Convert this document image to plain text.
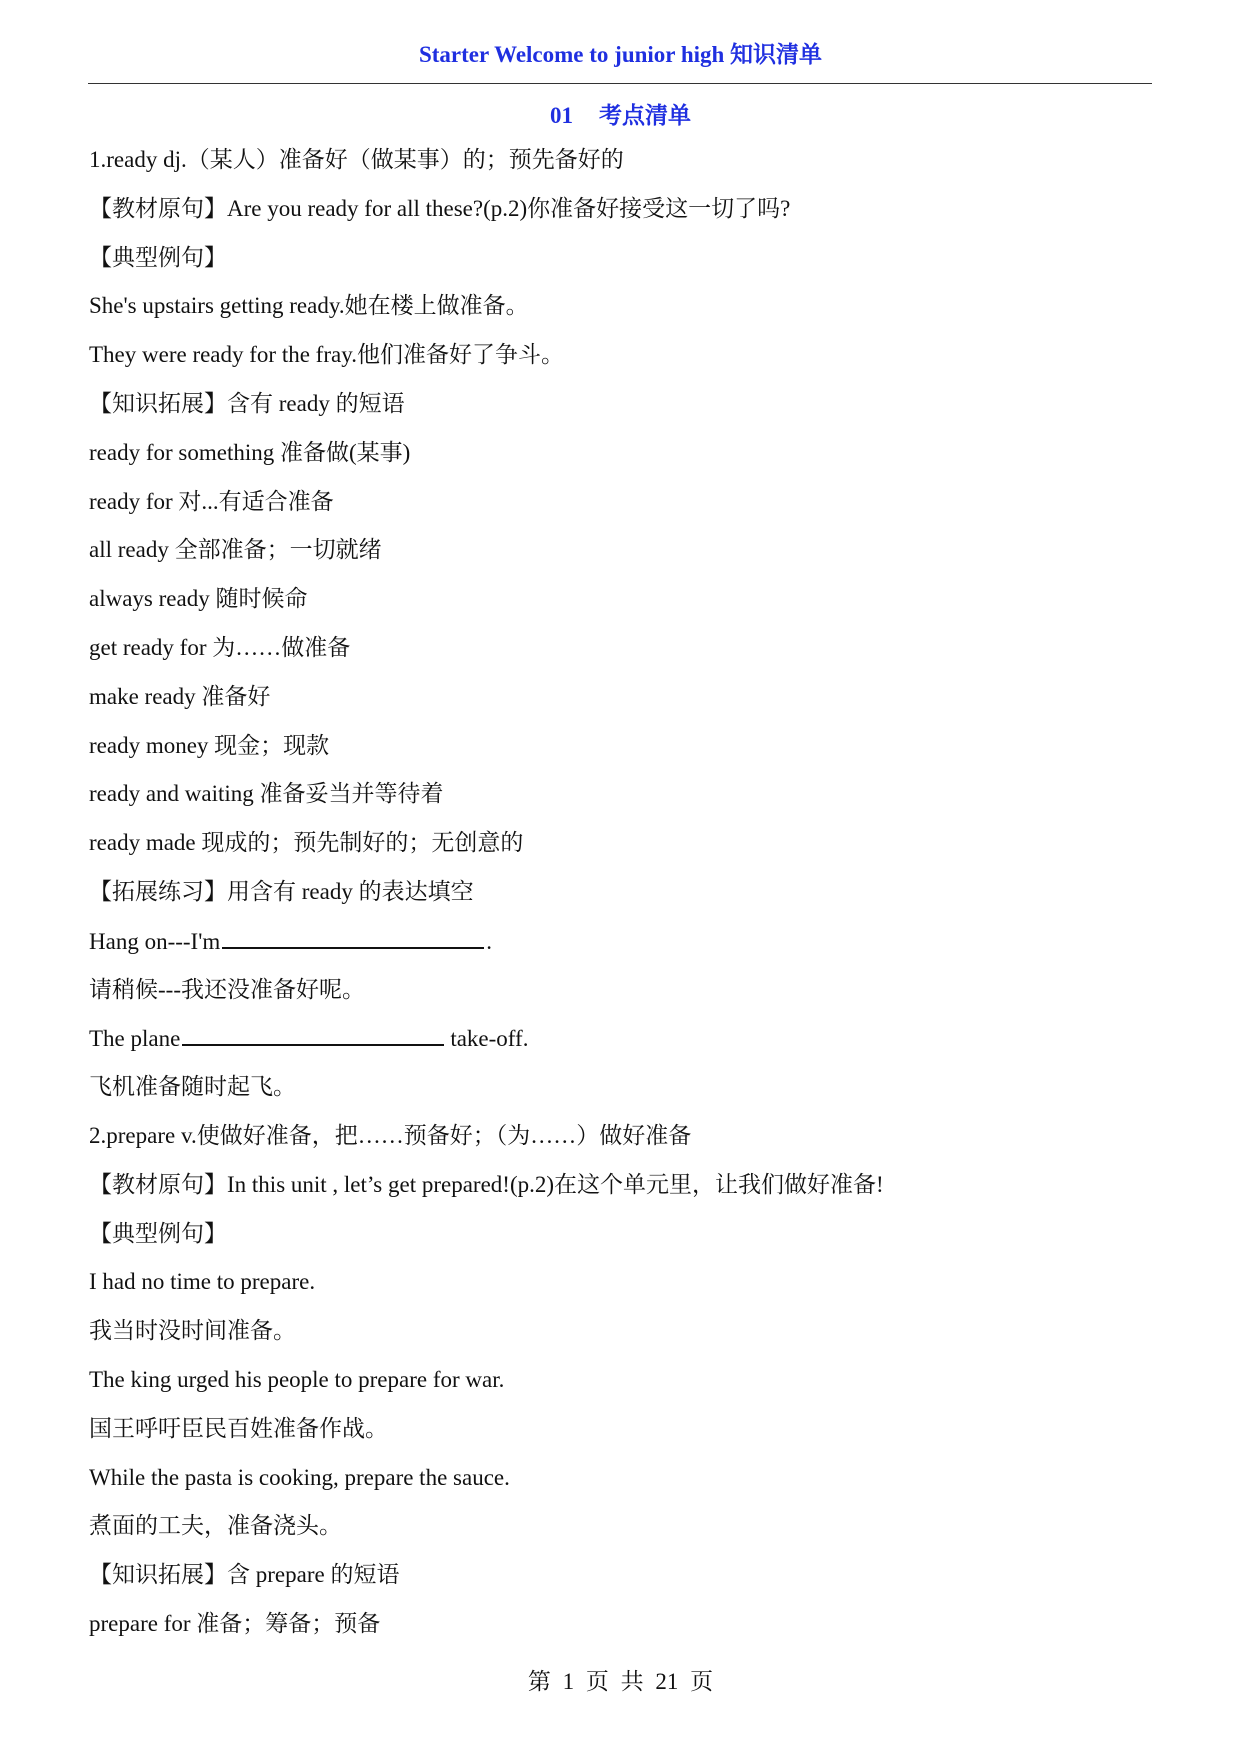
Starter Welcome to junior high 知识清单
01 考点清单
1.ready dj.（某人）准备好（做某事）的；预先备好的
【教材原句】Are you ready for all these?(p.2)你准备好接受这一切了吗?
【典型例句】
She's upstairs getting ready.她在楼上做准备。
They were ready for the fray.他们准备好了争斗。
【知识拓展】含有 ready 的短语
ready for something 准备做(某事)
ready for 对...有适合准备
all ready 全部准备；一切就绪
always ready 随时候命
get ready for 为……做准备
make ready 准备好
ready money 现金；现款
ready and waiting 准备妥当并等待着
ready made 现成的；预先制好的；无创意的
【拓展练习】用含有 ready 的表达填空
Hang on---I'm	.
请稍候---我还没准备好呢。
The plane	take-off.
飞机准备随时起飞。
2.prepare v.使做好准备，把……预备好；（为……）做好准备
【教材原句】In this unit , let’s get prepared!(p.2)在这个单元里，让我们做好准备!
【典型例句】
I had no time to prepare.
我当时没时间准备。
The king urged his people to prepare for war.
国王呼吁臣民百姓准备作战。
While the pasta is cooking, prepare the sauce.
煮面的工夫，准备浇头。
【知识拓展】含 prepare 的短语
prepare for 准备；筹备；预备
第 1 页 共 21 页
